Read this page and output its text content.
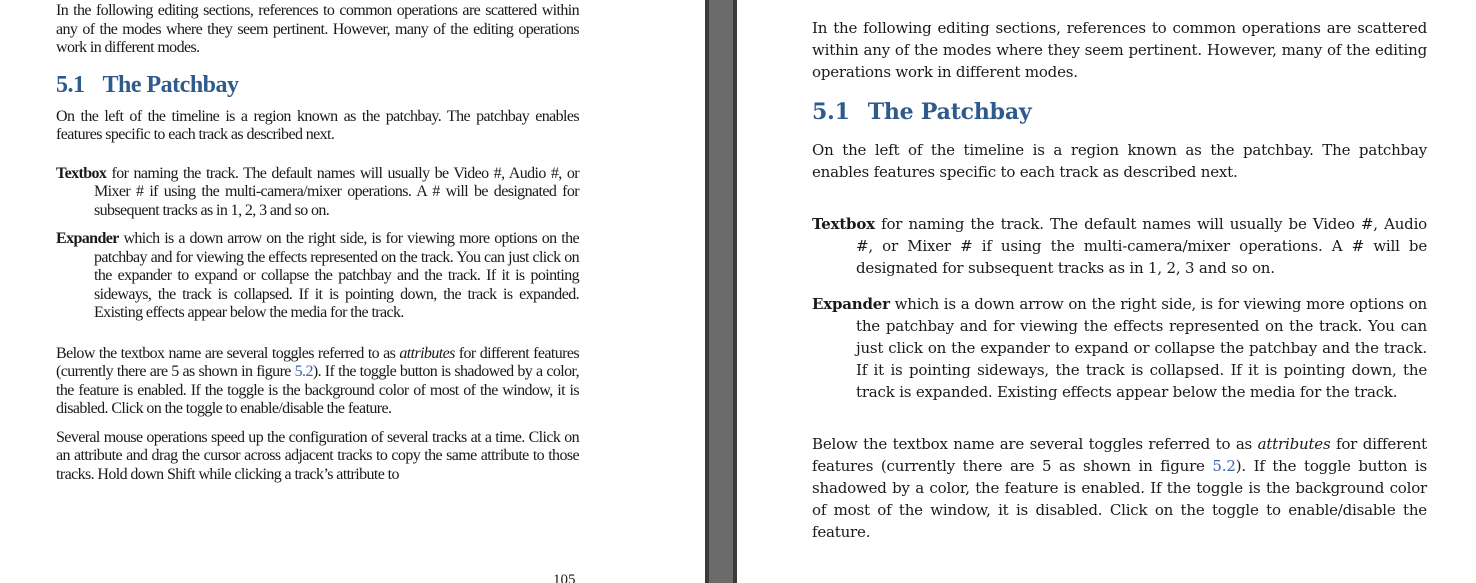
In the following editing sections, references to common operations are scattered within any of the modes where they seem pertinent. However, many of the editing operations work in different modes.

5.1 The Patchbay

On the left of the timeline is a region known as the patchbay. The patchbay enables features specific to each track as described next.

Textbox for naming the track. The default names will usually be Video #, Audio #, or Mixer # if using the multi-camera/mixer operations. A # will be designated for subsequent tracks as in 1, 2, 3 and so on.

Expander which is a down arrow on the right side, is for viewing more options on the patchbay and for viewing the effects represented on the track. You can just click on the expander to expand or collapse the patchbay and the track. If it is pointing sideways, the track is collapsed. If it is pointing down, the track is expanded. Existing effects appear below the media for the track.

Below the textbox name are several toggles referred to as attributes for different features (currently there are 5 as shown in figure 5.2). If the toggle button is shadowed by a color, the feature is enabled. If the toggle is the background color of most of the window, it is disabled. Click on the toggle to enable/disable the feature.

Several mouse operations speed up the configuration of several tracks at a time. Click on an attribute and drag the cursor across adjacent tracks to copy the same attribute to those tracks. Hold down Shift while clicking a track’s attribute to

105

In the following editing sections, references to common operations are scattered within any of the modes where they seem pertinent. However, many of the editing operations work in different modes.

5.1 The Patchbay

On the left of the timeline is a region known as the patchbay. The patchbay enables features specific to each track as described next.

Textbox for naming the track. The default names will usually be Video #, Audio #, or Mixer # if using the multi-camera/mixer operations. A # will be designated for subsequent tracks as in 1, 2, 3 and so on.

Expander which is a down arrow on the right side, is for viewing more options on the patchbay and for viewing the effects represented on the track. You can just click on the expander to expand or collapse the patchbay and the track. If it is pointing sideways, the track is collapsed. If it is pointing down, the track is expanded. Existing effects appear below the media for the track.

Below the textbox name are several toggles referred to as attributes for different features (currently there are 5 as shown in figure 5.2). If the toggle button is shadowed by a color, the feature is enabled. If the toggle is the background color of most of the window, it is disabled. Click on the toggle to enable/disable the feature.
